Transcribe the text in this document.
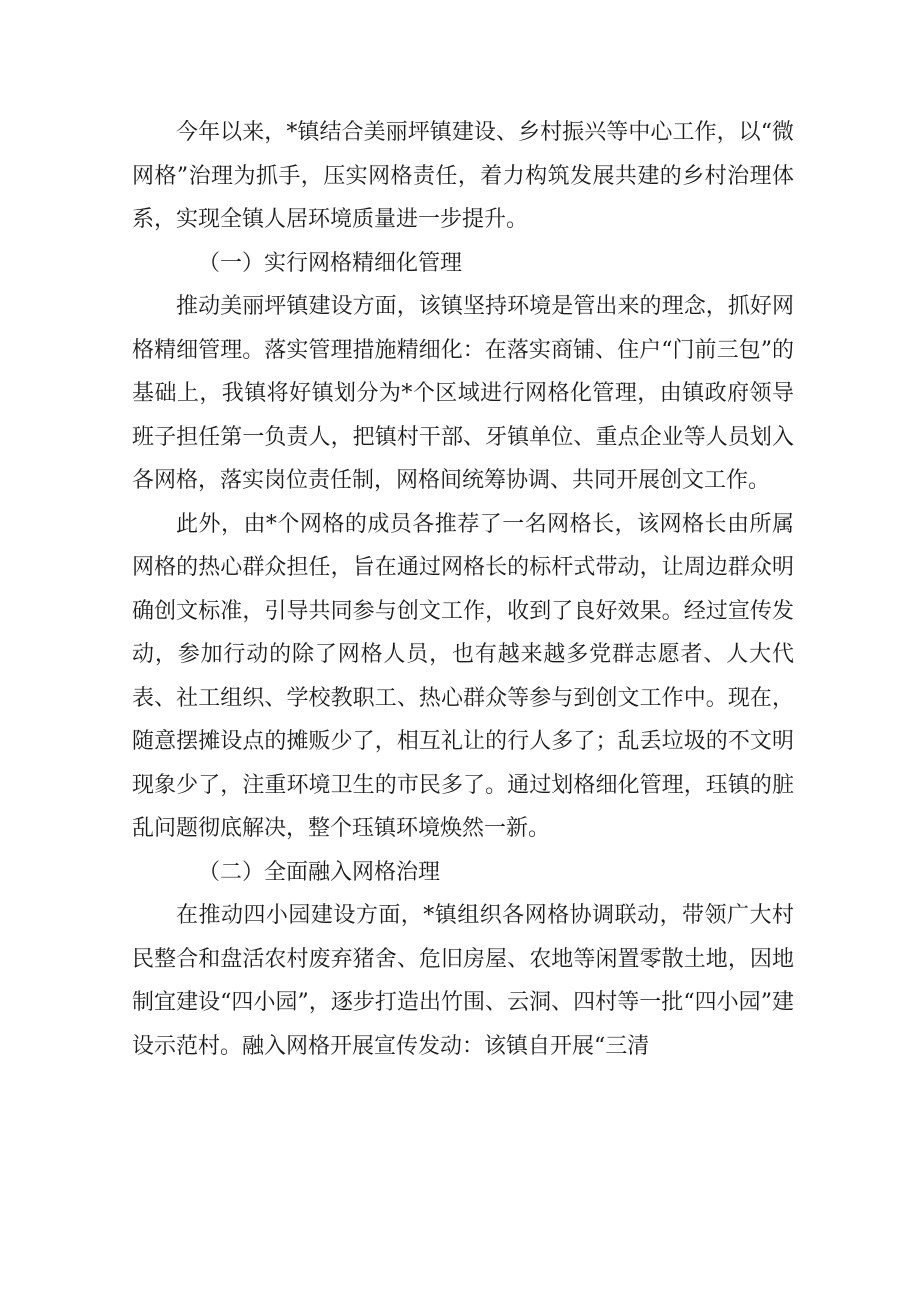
今年以来，*镇结合美丽坪镇建设、乡村振兴等中心工作，以“微网格”治理为抓手，压实网格责任，着力构筑发展共建的乡村治理体系，实现全镇人居环境质量进一步提升。

（一）实行网格精细化管理

推动美丽坪镇建设方面，该镇坚持环境是管出来的理念，抓好网格精细管理。落实管理措施精细化：在落实商铺、住户“门前三包”的基础上，我镇将好镇划分为*个区域进行网格化管理，由镇政府领导班子担任第一负责人，把镇村干部、牙镇单位、重点企业等人员划入各网格，落实岗位责任制，网格间统筹协调、共同开展创文工作。

此外，由*个网格的成员各推荐了一名网格长，该网格长由所属网格的热心群众担任，旨在通过网格长的标杆式带动，让周边群众明确创文标准，引导共同参与创文工作，收到了良好效果。经过宣传发动，参加行动的除了网格人员，也有越来越多党群志愿者、人大代表、社工组织、学校教职工、热心群众等参与到创文工作中。现在，随意摆摊设点的摊贩少了，相互礼让的行人多了；乱丢垃圾的不文明现象少了，注重环境卫生的市民多了。通过划格细化管理，珏镇的脏乱问题彻底解决，整个珏镇环境焕然一新。

（二）全面融入网格治理

在推动四小园建设方面，*镇组织各网格协调联动，带领广大村民整合和盘活农村废弃猪舍、危旧房屋、农地等闲置零散土地，因地制宜建设“四小园”，逐步打造出竹围、云洞、四村等一批“四小园”建设示范村。融入网格开展宣传发动：该镇自开展“三清
